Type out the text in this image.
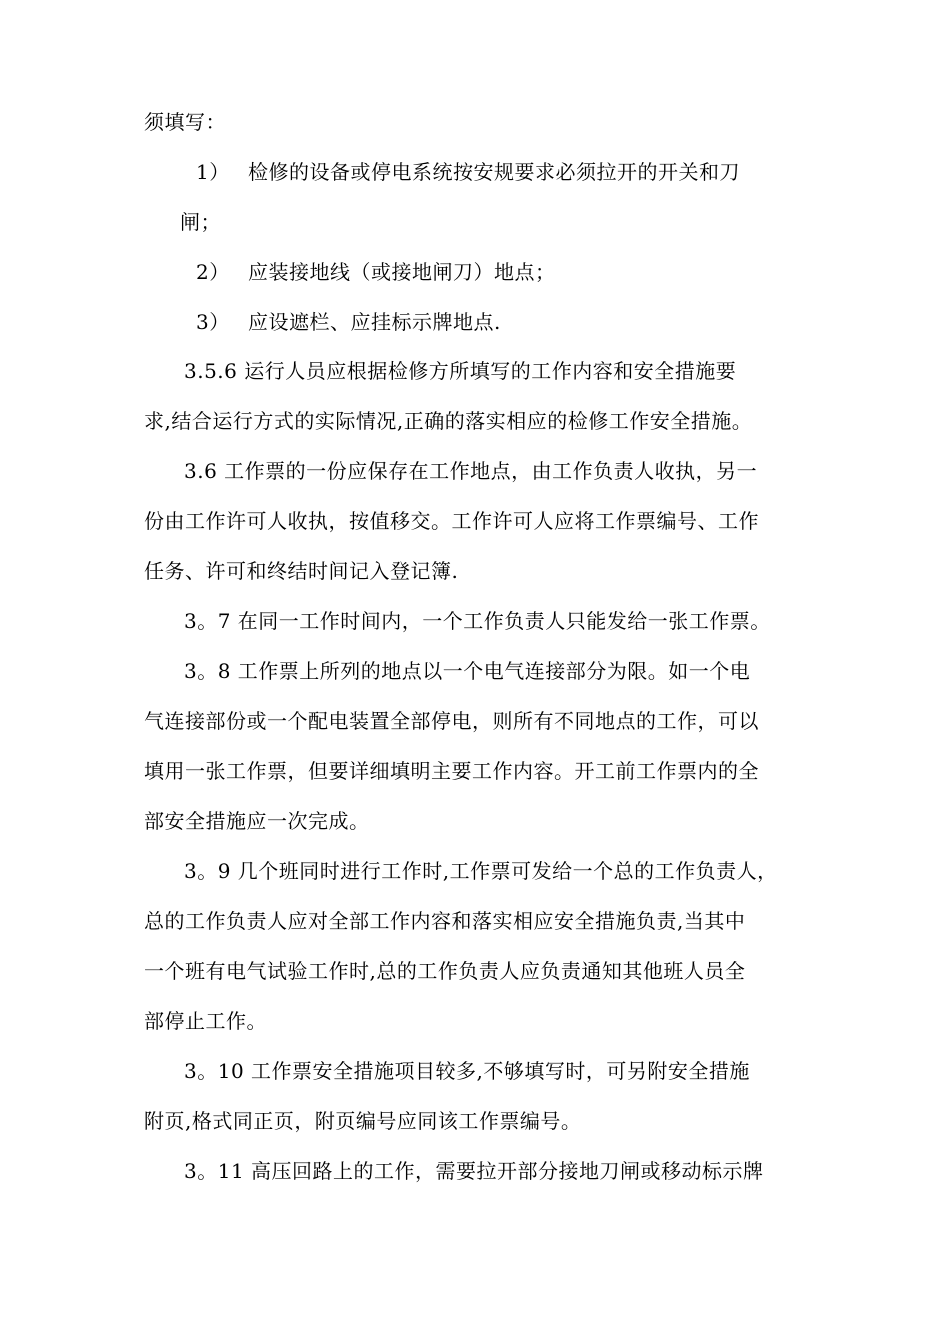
须填写：
1） 检修的设备或停电系统按安规要求必须拉开的开关和刀
闸；
2） 应装接地线（或接地闸刀）地点；
3） 应设遮栏、应挂标示牌地点.
3.5.6 运行人员应根据检修方所填写的工作内容和安全措施要
求,结合运行方式的实际情况,正确的落实相应的检修工作安全措施。
3.6 工作票的一份应保存在工作地点，由工作负责人收执，另一
份由工作许可人收执，按值移交。工作许可人应将工作票编号、工作
任务、许可和终结时间记入登记簿.
3。7 在同一工作时间内，一个工作负责人只能发给一张工作票。
3。8 工作票上所列的地点以一个电气连接部分为限。如一个电
气连接部份或一个配电装置全部停电，则所有不同地点的工作，可以
填用一张工作票，但要详细填明主要工作内容。开工前工作票内的全
部安全措施应一次完成。
3。9 几个班同时进行工作时,工作票可发给一个总的工作负责人，
总的工作负责人应对全部工作内容和落实相应安全措施负责,当其中
一个班有电气试验工作时,总的工作负责人应负责通知其他班人员全
部停止工作。
3。10 工作票安全措施项目较多,不够填写时，可另附安全措施
附页,格式同正页，附页编号应同该工作票编号。
3。11 高压回路上的工作，需要拉开部分接地刀闸或移动标示牌
